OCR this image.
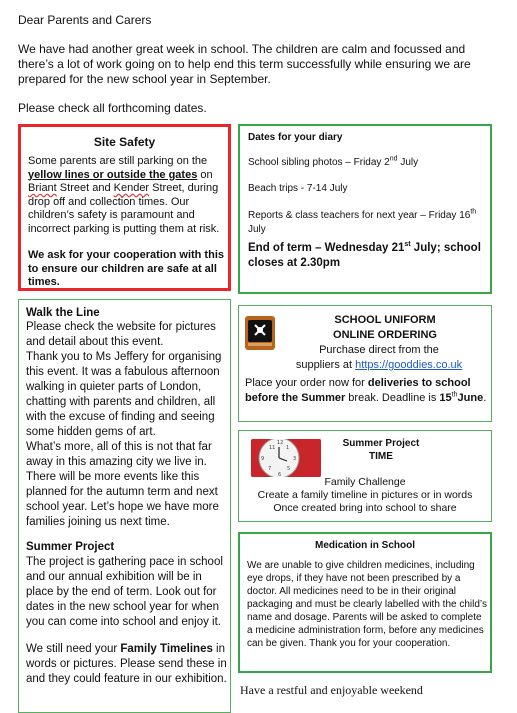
Dear Parents and Carers
We have had another great week in school. The children are calm and focussed and there’s a lot of work going on to help end this term successfully while ensuring we are prepared for the new school year in September.
Please check all forthcoming dates.
Site Safety
Some parents are still parking on the yellow lines or outside the gates on Briant Street and Kender Street, during drop off and collection times. Our children’s safety is paramount and incorrect parking is putting them at risk.
We ask for your cooperation with this to ensure our children are safe at all times.
Dates for your diary
School sibling photos – Friday 2nd July
Beach trips - 7-14 July
Reports & class teachers for next year – Friday 16th July
End of term – Wednesday 21st July; school closes at 2.30pm
Walk the Line
Please check the website for pictures and detail about this event.
Thank you to Ms Jeffery for organising this event. It was a fabulous afternoon walking in quieter parts of London, chatting with parents and children, all with the excuse of finding and seeing some hidden gems of art.
What’s more, all of this is not that far away in this amazing city we live in. There will be more events like this planned for the autumn term and next school year. Let’s hope we have more families joining us next time.
Summer Project
The project is gathering pace in school and our annual exhibition will be in place by the end of term. Look out for dates in the new school year for when you can come into school and enjoy it.
We still need your Family Timelines in words or pictures. Please send these in and they could feature in our exhibition.
SCHOOL UNIFORM
ONLINE ORDERING
Purchase direct from the
suppliers at https://gooddies.co.uk
Place your order now for deliveries to school before the Summer break. Deadline is 15thJune.
12
3
6
9
11 1
5
7
Summer Project
TIME
Family Challenge
Create a family timeline in pictures or in words
Once created bring into school to share
Medication in School
We are unable to give children medicines, including eye drops, if they have not been prescribed by a doctor. All medicines need to be in their original packaging and must be clearly labelled with the child’s name and dosage. Parents will be asked to complete a medicine administration form, before any medicines can be given. Thank you for your cooperation.
Have a restful and enjoyable weekend
